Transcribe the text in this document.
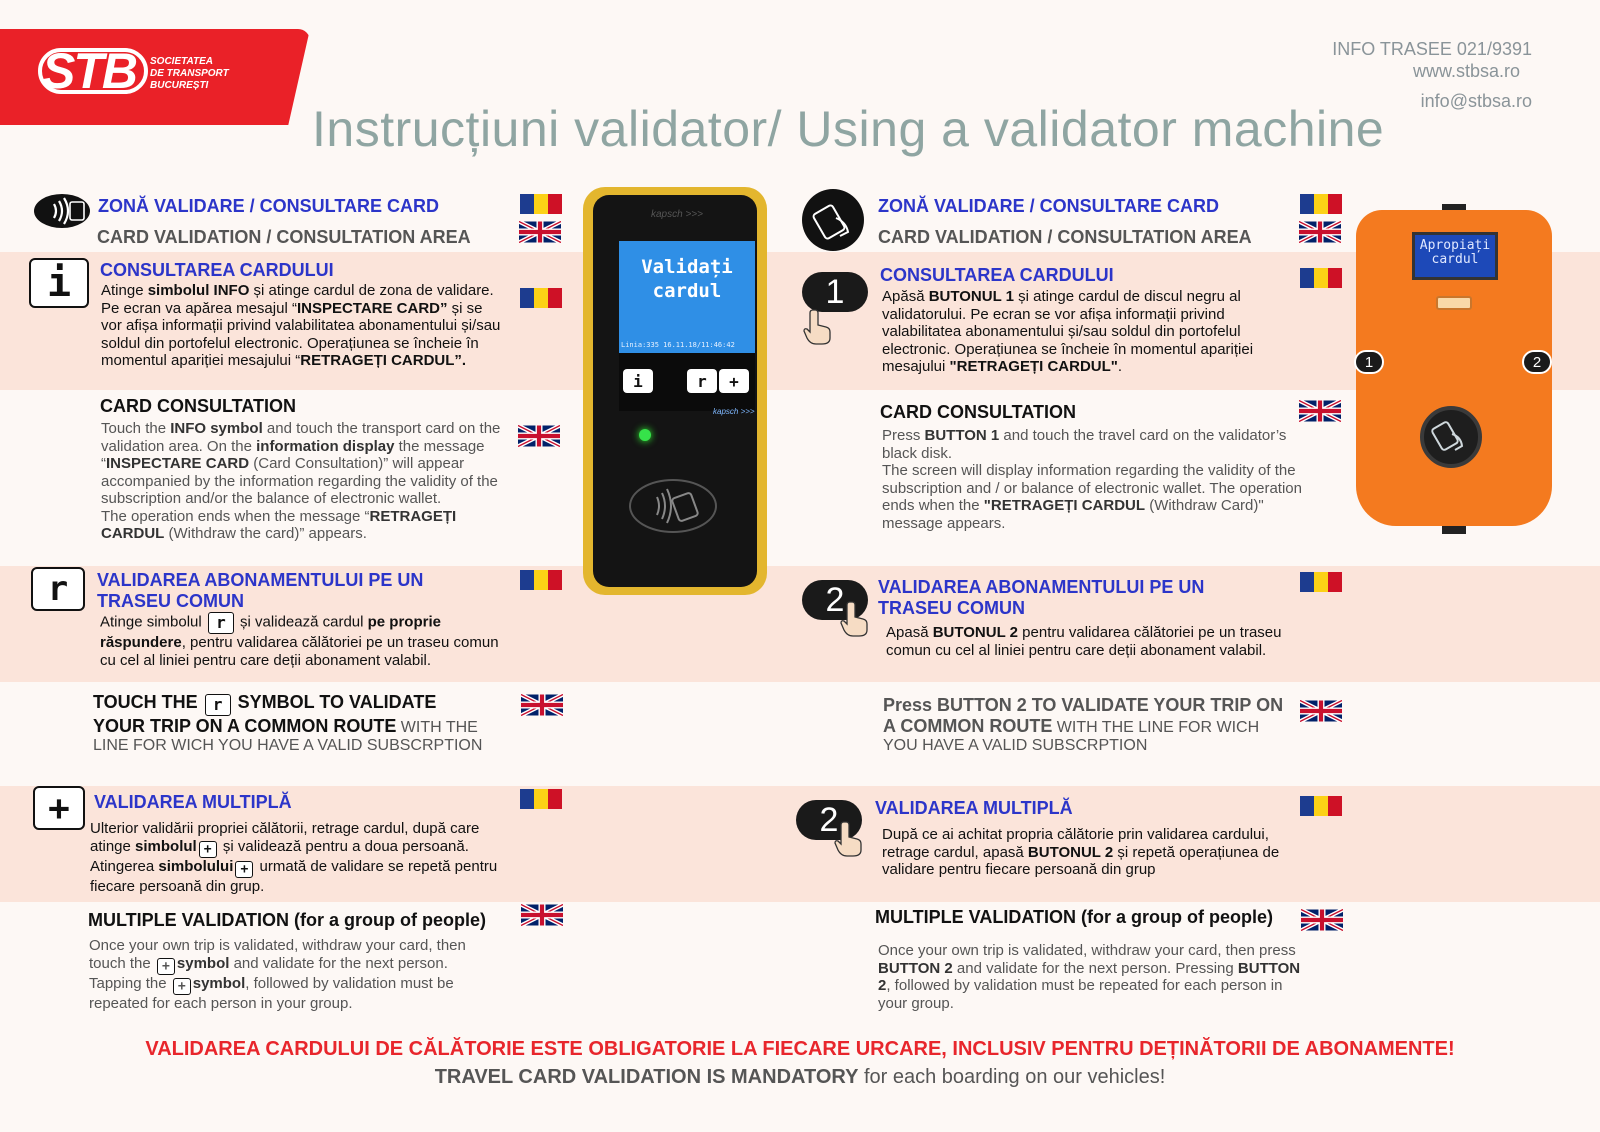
STB SOCIETATEA
DE TRANSPORT
BUCUREȘTI
INFO TRASEE 021/9391
www.stbsa.ro
info@stbsa.ro
Instrucțiuni validator/ Using a validator machine
ZONĂ VALIDARE / CONSULTARE CARD
CARD VALIDATION / CONSULTATION AREA
i	CONSULTAREA CARDULUI
Atinge simbolul INFO și atinge cardul de zona de validare. Pe ecran va apărea mesajul “INSPECTARE CARD” și se vor afișa informații privind valabilitatea abonamentului și/sau soldul din portofelul electronic. Operațiunea se încheie în momentul apariției mesajului “RETRAGEȚI CARDUL”.
CARD CONSULTATION
Touch the INFO symbol and touch the transport card on the validation area. On the information display the message “INSPECTARE CARD (Card Consultation)” will appear accompanied by the information regarding the validity of the subscription and/or the balance of electronic wallet.
The operation ends when the message “RETRAGEȚI CARDUL (Withdraw the card)” appears.
r	VALIDAREA ABONAMENTULUI PE UN
TRASEU COMUN
Atinge simbolul r și validează cardul pe proprie răspundere, pentru validarea călătoriei pe un traseu comun cu cel al liniei pentru care deții abonament valabil.
TOUCH THE r SYMBOL TO VALIDATE
YOUR TRIP ON A COMMON ROUTE WITH THE
LINE FOR WICH YOU HAVE A VALID SUBSCRPTION
+	VALIDAREA MULTIPLĂ
Ulterior validării propriei călătorii, retrage cardul, după care atinge simbolul + și validează pentru a doua persoană.
Atingerea simbolului + urmată de validare se repetă pentru fiecare persoană din grup.
MULTIPLE VALIDATION (for a group of people)
Once your own trip is validated, withdraw your card, then touch the + symbol and validate for the next person.
Tapping the + symbol, followed by validation must be repeated for each person in your group.
kapsch >>>
Validați
cardul
Linia:335 16.11.18/11:46:42
i	r	+
kapsch >>>
ZONĂ VALIDARE / CONSULTARE CARD
CARD VALIDATION / CONSULTATION AREA
1	CONSULTAREA CARDULUI
Apăsă BUTONUL 1 și atinge cardul de discul negru al validatorului. Pe ecran se vor afișa informații privind valabilitatea abonamentului și/sau soldul din portofelul electronic. Operațiunea se încheie în momentul apariției mesajului "RETRAGEȚI CARDUL".
CARD CONSULTATION
Press BUTTON 1 and touch the travel card on the validator’s black disk.
The screen will display information regarding the validity of the subscription and / or balance of electronic wallet. The operation ends when the "RETRAGEȚI CARDUL (Withdraw Card)" message appears.
2	VALIDAREA ABONAMENTULUI PE UN
TRASEU COMUN
Apasă BUTONUL 2 pentru validarea călătoriei pe un traseu comun cu cel al liniei pentru care deții abonament valabil.
Press BUTTON 2 TO VALIDATE YOUR TRIP ON
A COMMON ROUTE WITH THE LINE FOR WICH
YOU HAVE A VALID SUBSCRPTION
2	VALIDAREA MULTIPLĂ
După ce ai achitat propria călătorie prin validarea cardului, retrage cardul, apasă BUTONUL 2 și repetă operațiunea de validare pentru fiecare persoană din grup
MULTIPLE VALIDATION (for a group of people)
Once your own trip is validated, withdraw your card, then press BUTTON 2 and validate for the next person. Pressing BUTTON 2, followed by validation must be repeated for each person in your group.
Apropiați
cardul
1	2
VALIDAREA CARDULUI DE CĂLĂTORIE ESTE OBLIGATORIE LA FIECARE URCARE, INCLUSIV PENTRU DEȚINĂTORII DE ABONAMENTE!
TRAVEL CARD VALIDATION IS MANDATORY for each boarding on our vehicles!
